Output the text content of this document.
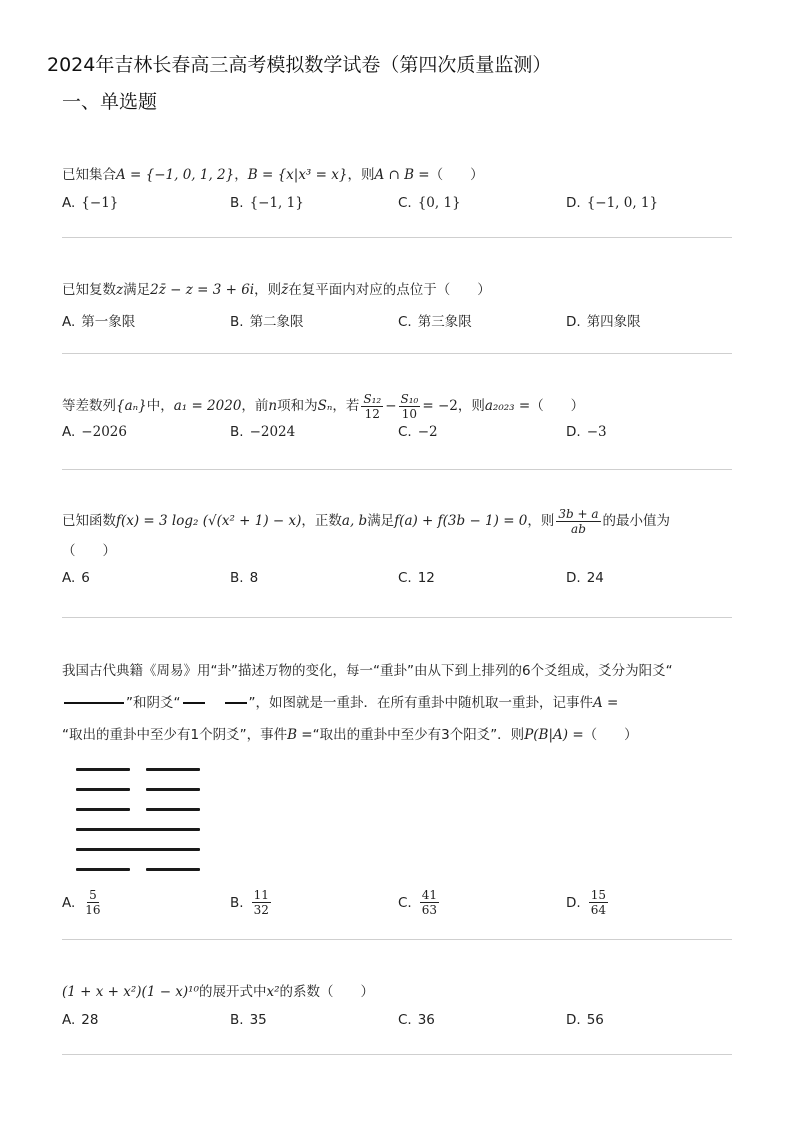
2024年吉林长春高三高考模拟数学试卷（第四次质量监测）
一、单选题
已知集合A = {−1, 0, 1, 2}，B = {x|x³ = x}，则A ∩ B =（　　）
A. {−1}	B. {−1, 1}	C. {0, 1}	D. {−1, 0, 1}
已知复数z满足2z̄ − z = 3 + 6i，则z̄在复平面内对应的点位于（　　）
A. 第一象限	B. 第二象限	C. 第三象限	D. 第四象限
等差数列{aₙ}中，a₁ = 2020，前n项和为Sₙ，若 $\frac{\text{S₁₂}}{12} - \frac{\text{S₁₀}}{10} = -2$，则a₂₀₂₃ =（　　）
A. −2026	B. −2024	C. −2	D. −3
已知函数f(x) = 3 log₂ (√(x² + 1) − x)，正数a, b满足f(a) + f(3b − 1) = 0，则 $\frac{3b + a}{ab}$ 的最小值为
（　　）
A. 6	B. 8	C. 12	D. 24
我国古代典籍《周易》用“卦”描述万物的变化，每一“重卦”由从下到上排列的6个爻组成，爻分为阳爻“
”和阴爻“	”，如图就是一重卦．在所有重卦中随机取一重卦，记事件A =
“取出的重卦中至少有1个阴爻”，事件B =“取出的重卦中至少有3个阳爻”．则P(B|A) =（　　）
A. $\frac{5}{16}$	B. $\frac{11}{32}$	C. $\frac{41}{63}$	D. $\frac{15}{64}$
(1 + x + x²)(1 − x)¹⁰的展开式中x²的系数（　　）
A. 28	B. 35	C. 36	D. 56
